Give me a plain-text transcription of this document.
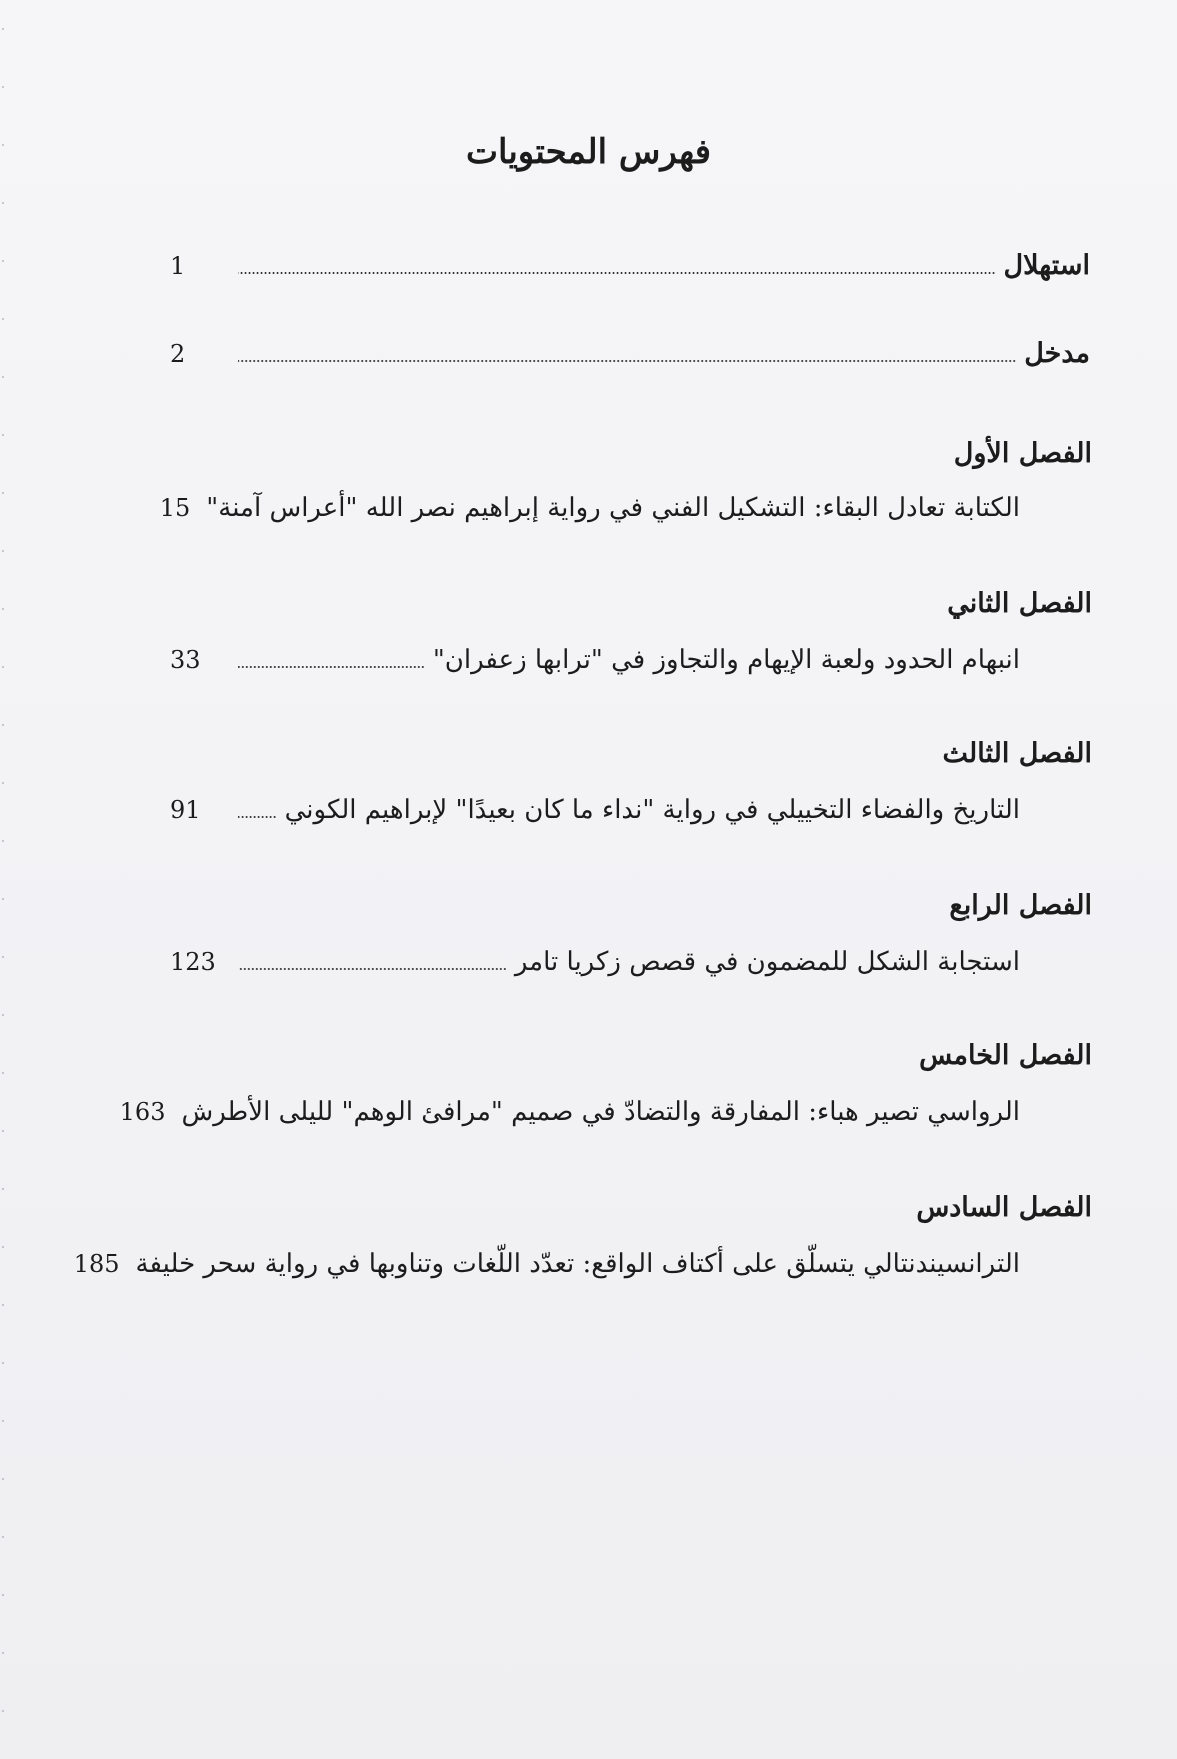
فهرس المحتويات
استهلال
1
مدخل
2
الفصل الأول
الكتابة تعادل البقاء: التشكيل الفني في رواية إبراهيم نصر الله "أعراس آمنة"
15
الفصل الثاني
انبهام الحدود ولعبة الإيهام والتجاوز في "ترابها زعفران"
33
الفصل الثالث
التاريخ والفضاء التخييلي في رواية "نداء ما كان بعيدًا" لإبراهيم الكوني
91
الفصل الرابع
استجابة الشكل للمضمون في قصص زكريا تامر
123
الفصل الخامس
الرواسي تصير هباء: المفارقة والتضادّ في صميم "مرافئ الوهم" لليلى الأطرش
163
الفصل السادس
الترانسيندنتالي يتسلّق على أكتاف الواقع: تعدّد اللّغات وتناوبها في رواية سحر خليفة
185
